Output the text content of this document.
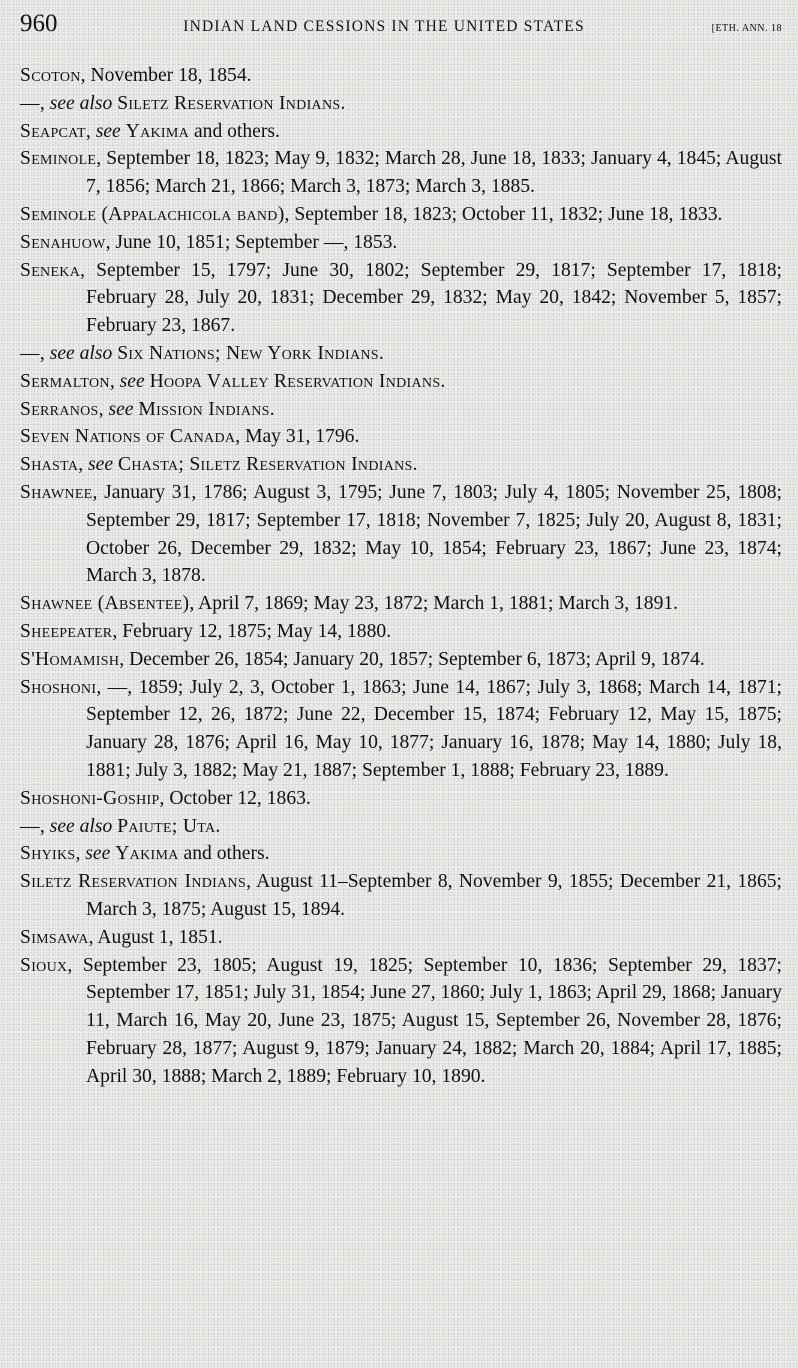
960	INDIAN LAND CESSIONS IN THE UNITED STATES	[ETH. ANN. 18

Scoton, November 18, 1854.

—, see also Siletz Reservation Indians.

Seapcat, see Yakima and others.

Seminole, September 18, 1823; May 9, 1832; March 28, June 18, 1833; January 4, 1845; August 7, 1856; March 21, 1866; March 3, 1873; March 3, 1885.

Seminole (Appalachicola band), September 18, 1823; October 11, 1832; June 18, 1833.

Senahuow, June 10, 1851; September —, 1853.

Seneka, September 15, 1797; June 30, 1802; September 29, 1817; September 17, 1818; February 28, July 20, 1831; December 29, 1832; May 20, 1842; November 5, 1857; February 23, 1867.

—, see also Six Nations; New York Indians.

Sermalton, see Hoopa Valley Reservation Indians.

Serranos, see Mission Indians.

Seven Nations of Canada, May 31, 1796.

Shasta, see Chasta; Siletz Reservation Indians.

Shawnee, January 31, 1786; August 3, 1795; June 7, 1803; July 4, 1805; November 25, 1808; September 29, 1817; September 17, 1818; November 7, 1825; July 20, August 8, 1831; October 26, December 29, 1832; May 10, 1854; February 23, 1867; June 23, 1874; March 3, 1878.

Shawnee (Absentee), April 7, 1869; May 23, 1872; March 1, 1881; March 3, 1891.

Sheepeater, February 12, 1875; May 14, 1880.

S'Homamish, December 26, 1854; January 20, 1857; September 6, 1873; April 9, 1874.

Shoshoni, —, 1859; July 2, 3, October 1, 1863; June 14, 1867; July 3, 1868; March 14, 1871; September 12, 26, 1872; June 22, December 15, 1874; February 12, May 15, 1875; January 28, 1876; April 16, May 10, 1877; January 16, 1878; May 14, 1880; July 18, 1881; July 3, 1882; May 21, 1887; September 1, 1888; February 23, 1889.

Shoshoni-Goship, October 12, 1863.

—, see also Paiute; Uta.

Shyiks, see Yakima and others.

Siletz Reservation Indians, August 11–September 8, November 9, 1855; December 21, 1865; March 3, 1875; August 15, 1894.

Simsawa, August 1, 1851.

Sioux, September 23, 1805; August 19, 1825; September 10, 1836; September 29, 1837; September 17, 1851; July 31, 1854; June 27, 1860; July 1, 1863; April 29, 1868; January 11, March 16, May 20, June 23, 1875; August 15, September 26, November 28, 1876; February 28, 1877; August 9, 1879; January 24, 1882; March 20, 1884; April 17, 1885; April 30, 1888; March 2, 1889; February 10, 1890.
